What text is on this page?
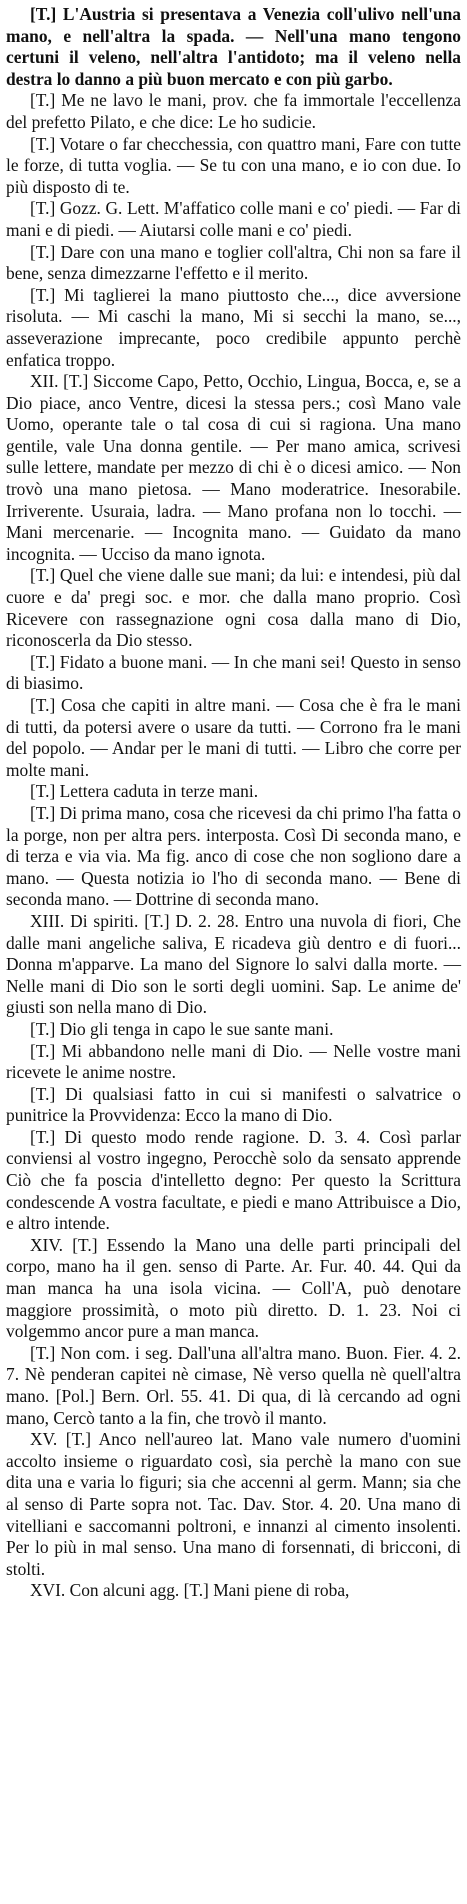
[T.] L'Austria si presentava a Venezia coll'ulivo nell'una mano, e nell'altra la spada. — Nell'una mano tengono certuni il veleno, nell'altra l'antidoto; ma il veleno nella destra lo danno a più buon mercato e con più garbo.

[T.] Me ne lavo le mani, prov. che fa immortale l'eccellenza del prefetto Pilato, e che dice: Le ho sudicie.

[T.] Votare o far checchessia, con quattro mani, Fare con tutte le forze, di tutta voglia. — Se tu con una mano, e io con due. Io più disposto di te.

[T.] Gozz. G. Lett. M'affatico colle mani e co' piedi. — Far di mani e di piedi. — Aiutarsi colle mani e co' piedi.

[T.] Dare con una mano e toglier coll'altra, Chi non sa fare il bene, senza dimezzarne l'effetto e il merito.

[T.] Mi taglierei la mano piuttosto che..., dice avversione risoluta. — Mi caschi la mano, Mi si secchi la mano, se..., asseverazione imprecante, poco credibile appunto perchè enfatica troppo.

XII. [T.] Siccome Capo, Petto, Occhio, Lingua, Bocca, e, se a Dio piace, anco Ventre, dicesi la stessa pers.; così Mano vale Uomo, operante tale o tal cosa di cui si ragiona. Una mano gentile, vale Una donna gentile. — Per mano amica, scrivesi sulle lettere, mandate per mezzo di chi è o dicesi amico. — Non trovò una mano pietosa. — Mano moderatrice. Inesorabile. Irriverente. Usuraia, ladra. — Mano profana non lo tocchi. — Mani mercenarie. — Incognita mano. — Guidato da mano incognita. — Ucciso da mano ignota.

[T.] Quel che viene dalle sue mani; da lui: e intendesi, più dal cuore e da' pregi soc. e mor. che dalla mano proprio. Così Ricevere con rassegnazione ogni cosa dalla mano di Dio, riconoscerla da Dio stesso.

[T.] Fidato a buone mani. — In che mani sei! Questo in senso di biasimo.

[T.] Cosa che capiti in altre mani. — Cosa che è fra le mani di tutti, da potersi avere o usare da tutti. — Corrono fra le mani del popolo. — Andar per le mani di tutti. — Libro che corre per molte mani.

[T.] Lettera caduta in terze mani.

[T.] Di prima mano, cosa che ricevesi da chi primo l'ha fatta o la porge, non per altra pers. interposta. Così Di seconda mano, e di terza e via via. Ma fig. anco di cose che non sogliono dare a mano. — Questa notizia io l'ho di seconda mano. — Bene di seconda mano. — Dottrine di seconda mano.

XIII. Di spiriti. [T.] D. 2. 28. Entro una nuvola di fiori, Che dalle mani angeliche saliva, E ricadeva giù dentro e di fuori... Donna m'apparve. La mano del Signore lo salvi dalla morte. — Nelle mani di Dio son le sorti degli uomini. Sap. Le anime de' giusti son nella mano di Dio.

[T.] Dio gli tenga in capo le sue sante mani.

[T.] Mi abbandono nelle mani di Dio. — Nelle vostre mani ricevete le anime nostre.

[T.] Di qualsiasi fatto in cui si manifesti o salvatrice o punitrice la Provvidenza: Ecco la mano di Dio.

[T.] Di questo modo rende ragione. D. 3. 4. Così parlar conviensi al vostro ingegno, Perocchè solo da sensato apprende Ciò che fa poscia d'intelletto degno: Per questo la Scrittura condescende A vostra facultate, e piedi e mano Attribuisce a Dio, e altro intende.

XIV. [T.] Essendo la Mano una delle parti principali del corpo, mano ha il gen. senso di Parte. Ar. Fur. 40. 44. Qui da man manca ha una isola vicina. — Coll'A, può denotare maggiore prossimità, o moto più diretto. D. 1. 23. Noi ci volgemmo ancor pure a man manca.

[T.] Non com. i seg. Dall'una all'altra mano. Buon. Fier. 4. 2. 7. Nè penderan capitei nè cimase, Nè verso quella nè quell'altra mano. [Pol.] Bern. Orl. 55. 41. Di qua, di là cercando ad ogni mano, Cercò tanto a la fin, che trovò il manto.

XV. [T.] Anco nell'aureo lat. Mano vale numero d'uomini accolto insieme o riguardato così, sia perchè la mano con sue dita una e varia lo figuri; sia che accenni al germ. Mann; sia che al senso di Parte sopra not. Tac. Dav. Stor. 4. 20. Una mano di vitelliani e saccomanni poltroni, e innanzi al cimento insolenti. Per lo più in mal senso. Una mano di forsennati, di bricconi, di stolti.

XVI. Con alcuni agg. [T.] Mani piene di roba,
